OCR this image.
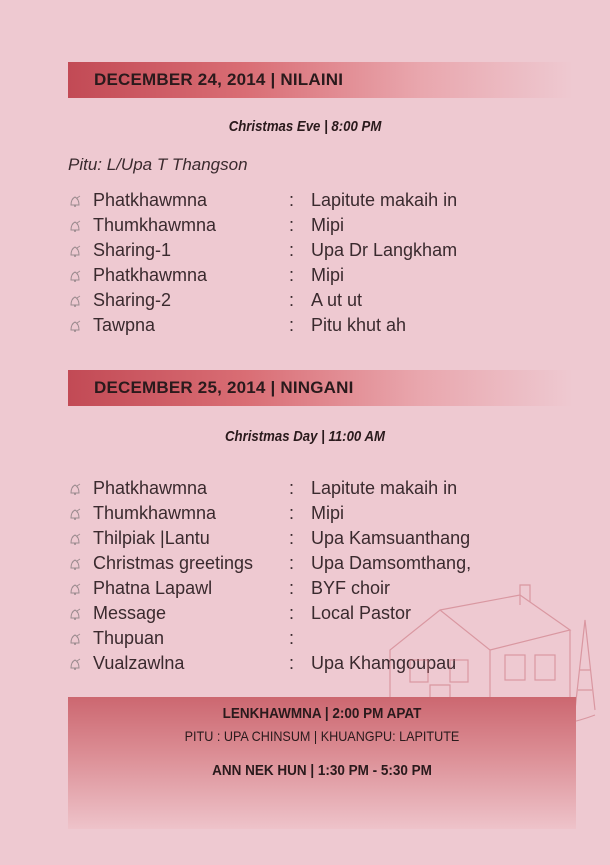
DECEMBER 24, 2014 | NILAINI
Christmas Eve | 8:00 PM
Pitu: L/Upa T Thangson
Phatkhawmna	: Lapitute makaih in
Thumkhawmna	: Mipi
Sharing-1	: Upa Dr Langkham
Phatkhawmna	: Mipi
Sharing-2	: A ut ut
Tawpna	: Pitu khut ah
DECEMBER 25, 2014 | NINGANI
Christmas Day | 11:00 AM
Phatkhawmna	: Lapitute makaih in
Thumkhawmna	: Mipi
Thilpiak |Lantu	: Upa Kamsuanthang
Christmas greetings	: Upa Damsomthang,
Phatna Lapawl	: BYF choir
Message	: Local Pastor
Thupuan	:
Vualzawlna	: Upa Khamgoupau
LENKHAWMNA | 2:00 PM APAT
PITU : UPA CHINSUM | KHUANGPU: LAPITUTE
ANN NEK HUN | 1:30 PM - 5:30 PM
